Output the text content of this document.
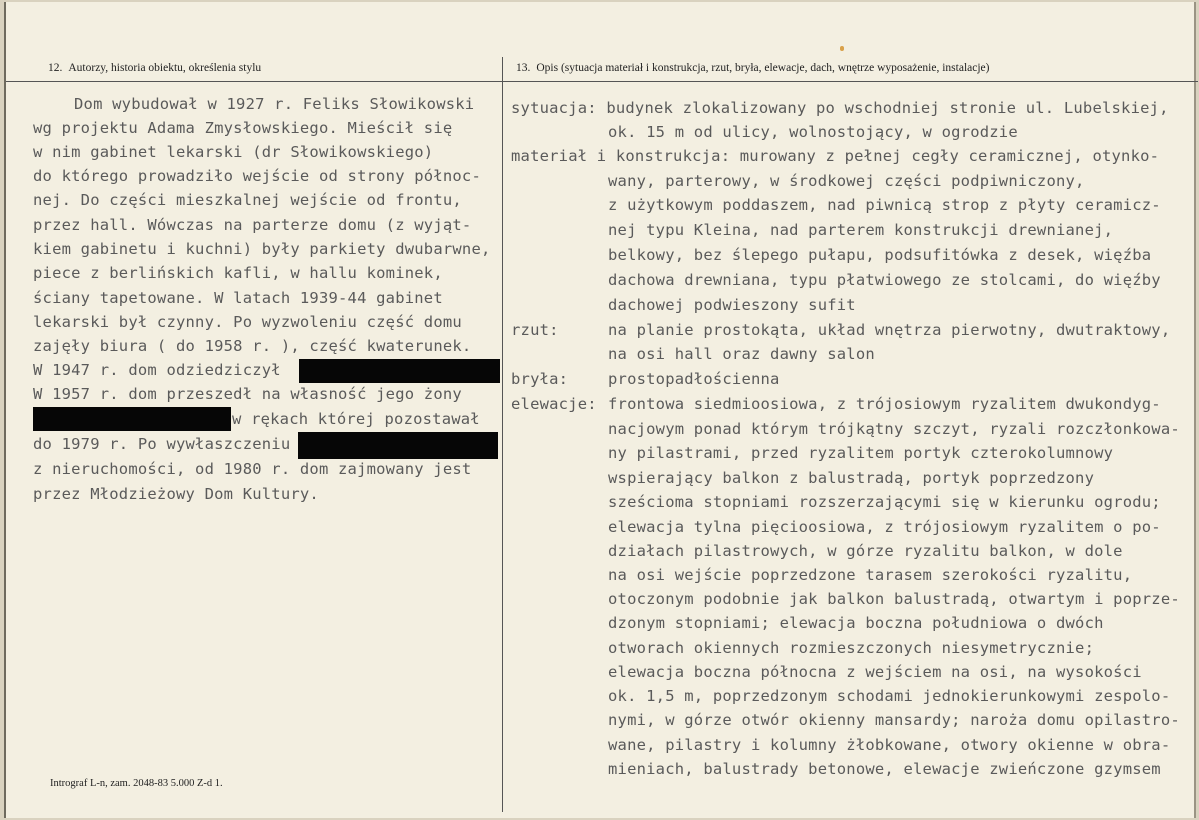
12. Autorzy, historia obiektu, określenia stylu	13. Opis (sytuacja materiał i konstrukcja, rzut, bryła, elewacje, dach, wnętrze wyposażenie, instalacje)
Dom wybudował w 1927 r. Feliks Słowikowski
wg projektu Adama Zmysłowskiego. Mieścił się
w nim gabinet lekarski (dr Słowikowskiego)
do którego prowadziło wejście od strony północ-
nej. Do części mieszkalnej wejście od frontu,
przez hall. Wówczas na parterze domu (z wyjąt-
kiem gabinetu i kuchni) były parkiety dwubarwne,
piece z berlińskich kafli, w hallu kominek,
ściany tapetowane. W latach 1939-44 gabinet
lekarski był czynny. Po wyzwoleniu część domu
zajęły biura ( do 1958 r. ), część kwaterunek.
W 1947 r. dom odziedziczył
W 1957 r. dom przeszedł na własność jego żony
w rękach której pozostawał
do 1979 r. Po wywłaszczeniu
z nieruchomości, od 1980 r. dom zajmowany jest
przez Młodzieżowy Dom Kultury.
sytuacja: budynek zlokalizowany po wschodniej stronie ul. Lubelskiej,
ok. 15 m od ulicy, wolnostojący, w ogrodzie
materiał i konstrukcja: murowany z pełnej cegły ceramicznej, otynko-
wany, parterowy, w środkowej części podpiwniczony,
z użytkowym poddaszem, nad piwnicą strop z płyty ceramicz-
nej typu Kleina, nad parterem konstrukcji drewnianej,
belkowy, bez ślepego pułapu, podsufitówka z desek, więźba
dachowa drewniana, typu płatwiowego ze stolcami, do więźby
dachowej podwieszony sufit
rzut:	na planie prostokąta, układ wnętrza pierwotny, dwutraktowy,
na osi hall oraz dawny salon
bryła:	prostopadłościenna
elewacje: frontowa siedmioosiowa, z trójosiowym ryzalitem dwukondyg-
nacjowym ponad którym trójkątny szczyt, ryzali rozczłonkowa-
ny pilastrami, przed ryzalitem portyk czterokolumnowy
wspierający balkon z balustradą, portyk poprzedzony
sześcioma stopniami rozszerzającymi się w kierunku ogrodu;
elewacja tylna pięcioosiowa, z trójosiowym ryzalitem o po-
działach pilastrowych, w górze ryzalitu balkon, w dole
na osi wejście poprzedzone tarasem szerokości ryzalitu,
otoczonym podobnie jak balkon balustradą, otwartym i poprze-
dzonym stopniami; elewacja boczna południowa o dwóch
otworach okiennych rozmieszczonych niesymetrycznie;
elewacja boczna północna z wejściem na osi, na wysokości
ok. 1,5 m, poprzedzonym schodami jednokierunkowymi zespolo-
nymi, w górze otwór okienny mansardy; naroża domu opilastro-
wane, pilastry i kolumny żłobkowane, otwory okienne w obra-
mieniach, balustrady betonowe, elewacje zwieńczone gzymsem
Intrograf L-n, zam. 2048-83 5.000 Z-d 1.
